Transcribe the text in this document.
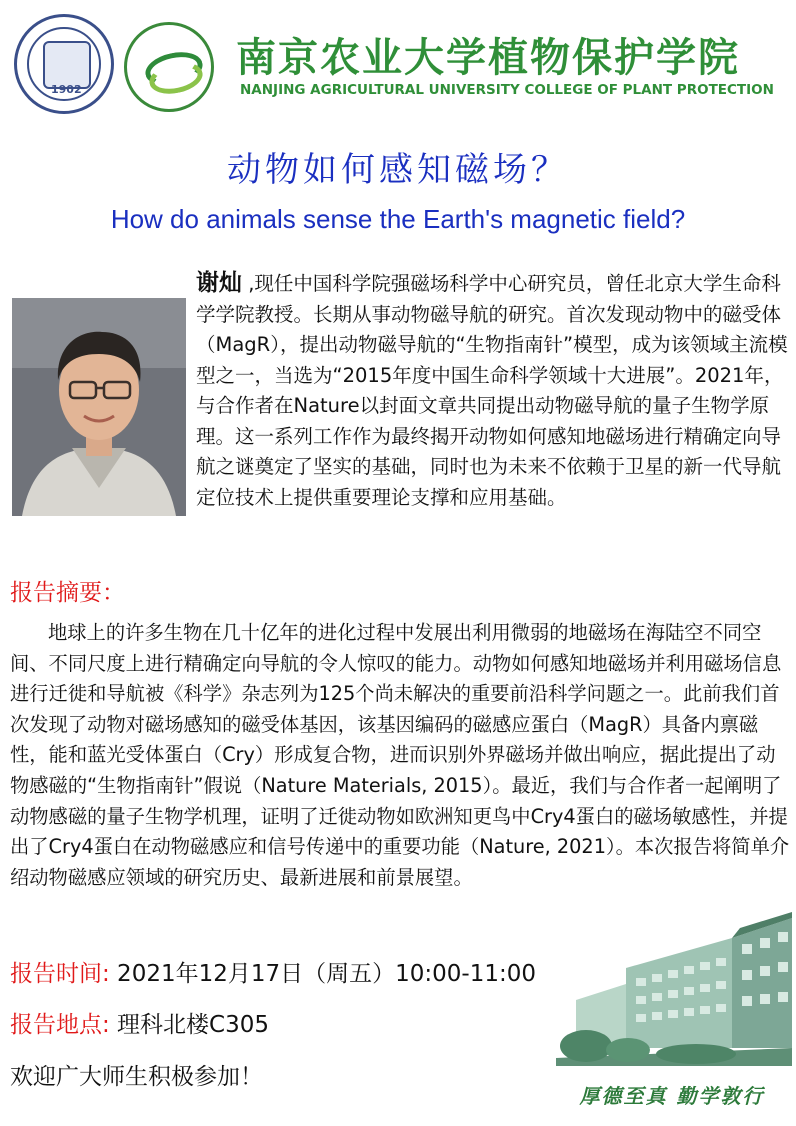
1902
南京农业大学植物保护学院
NANJING AGRICULTURAL UNIVERSITY COLLEGE OF PLANT PROTECTION
动物如何感知磁场？
How do animals sense the Earth's magnetic field?
谢灿 ,现任中国科学院强磁场科学中心研究员，曾任北京大学生命科学学院教授。长期从事动物磁导航的研究。首次发现动物中的磁受体（MagR），提出动物磁导航的“生物指南针”模型，成为该领域主流模型之一，当选为“2015年度中国生命科学领域十大进展”。2021年，与合作者在Nature以封面文章共同提出动物磁导航的量子生物学原理。这一系列工作作为最终揭开动物如何感知地磁场进行精确定向导航之谜奠定了坚实的基础，同时也为未来不依赖于卫星的新一代导航定位技术上提供重要理论支撑和应用基础。
报告摘要：
地球上的许多生物在几十亿年的进化过程中发展出利用微弱的地磁场在海陆空不同空间、不同尺度上进行精确定向导航的令人惊叹的能力。动物如何感知地磁场并利用磁场信息进行迁徙和导航被《科学》杂志列为125个尚未解决的重要前沿科学问题之一。此前我们首次发现了动物对磁场感知的磁受体基因，该基因编码的磁感应蛋白（MagR）具备内禀磁性，能和蓝光受体蛋白（Cry）形成复合物，进而识别外界磁场并做出响应，据此提出了动物感磁的“生物指南针”假说（Nature Materials, 2015）。最近，我们与合作者一起阐明了动物感磁的量子生物学机理，证明了迁徙动物如欧洲知更鸟中Cry4蛋白的磁场敏感性，并提出了Cry4蛋白在动物磁感应和信号传递中的重要功能（Nature, 2021）。本次报告将简单介绍动物磁感应领域的研究历史、最新进展和前景展望。
报告时间: 2021年12月17日（周五）10:00-11:00
报告地点: 理科北楼C305
欢迎广大师生积极参加！
厚德至真 勤学敦行
